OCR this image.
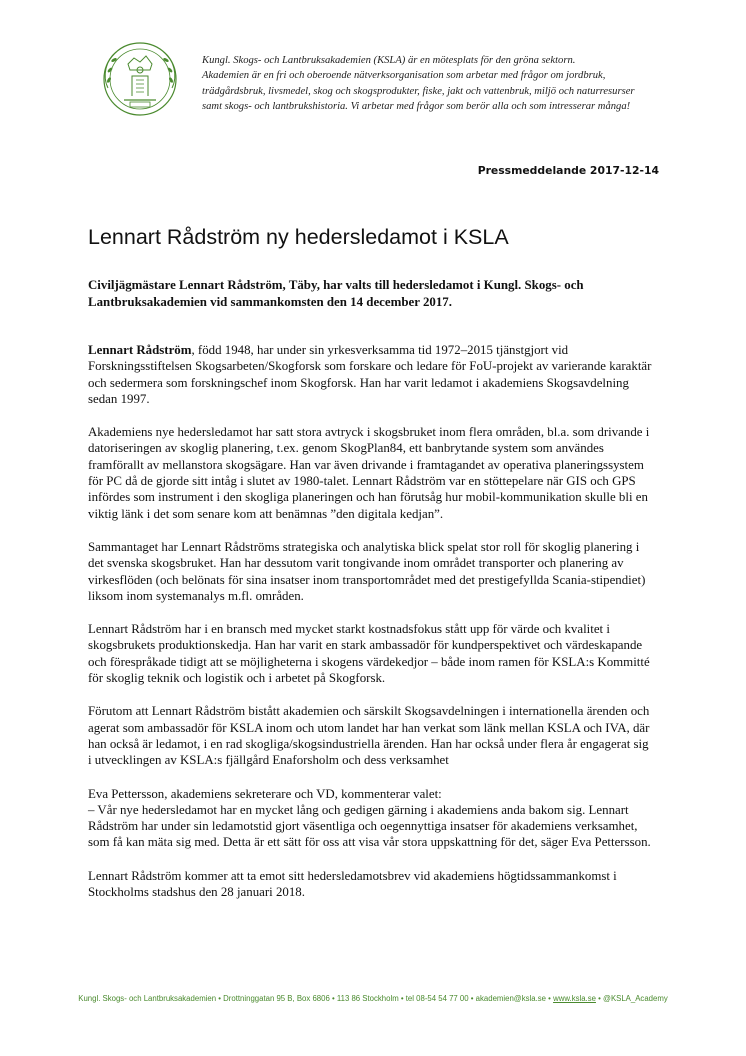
Kungl. Skogs- och Lantbruksakademien (KSLA) är en mötesplats för den gröna sektorn.
Akademien är en fri och oberoende nätverksorganisation som arbetar med frågor om jordbruk,
trädgårdsbruk, livsmedel, skog och skogsprodukter, fiske, jakt och vattenbruk, miljö och naturresurser
samt skogs- och lantbrukshistoria. Vi arbetar med frågor som berör alla och som intresserar många!
Pressmeddelande 2017-12-14
Lennart Rådström ny hedersledamot i KSLA
Civiljägmästare Lennart Rådström, Täby, har valts till hedersledamot i Kungl. Skogs- och Lantbruksakademien vid sammankomsten den 14 december 2017.

Lennart Rådström, född 1948, har under sin yrkesverksamma tid 1972–2015 tjänstgjort vid Forskningsstiftelsen Skogsarbeten/Skogforsk som forskare och ledare för FoU-projekt av varierande karaktär och sedermera som forskningschef inom Skogforsk. Han har varit ledamot i akademiens Skogsavdelning sedan 1997.

Akademiens nye hedersledamot har satt stora avtryck i skogsbruket inom flera områden, bl.a. som drivande i datoriseringen av skoglig planering, t.ex. genom SkogPlan84, ett banbrytande system som användes framförallt av mellanstora skogsägare. Han var även drivande i framtagandet av operativa planeringssystem för PC då de gjorde sitt intåg i slutet av 1980-talet. Lennart Rådström var en stöttepelare när GIS och GPS infördes som instrument i den skogliga planeringen och han förutsåg hur mobil-kommunikation skulle bli en viktig länk i det som senare kom att benämnas ”den digitala kedjan”.

Sammantaget har Lennart Rådströms strategiska och analytiska blick spelat stor roll för skoglig planering i det svenska skogsbruket. Han har dessutom varit tongivande inom området transporter och planering av virkesflöden (och belönats för sina insatser inom transportområdet med det prestigefyllda Scania-stipendiet) liksom inom systemanalys m.fl. områden.

Lennart Rådström har i en bransch med mycket starkt kostnadsfokus stått upp för värde och kvalitet i skogsbrukets produktionskedja. Han har varit en stark ambassadör för kundperspektivet och värdeskapande och förespråkade tidigt att se möjligheterna i skogens värdekedjor – både inom ramen för KSLA:s Kommitté för skoglig teknik och logistik och i arbetet på Skogforsk.

Förutom att Lennart Rådström bistått akademien och särskilt Skogsavdelningen i internationella ärenden och agerat som ambassadör för KSLA inom och utom landet har han verkat som länk mellan KSLA och IVA, där han också är ledamot, i en rad skogliga/skogsindustriella ärenden. Han har också under flera år engagerat sig i utvecklingen av KSLA:s fjällgård Enaforsholm och dess verksamhet

Eva Pettersson, akademiens sekreterare och VD, kommenterar valet:
– Vår nye hedersledamot har en mycket lång och gedigen gärning i akademiens anda bakom sig. Lennart Rådström har under sin ledamotstid gjort väsentliga och oegennyttiga insatser för akademiens verksamhet, som få kan mäta sig med. Detta är ett sätt för oss att visa vår stora uppskattning för det, säger Eva Pettersson.

Lennart Rådström kommer att ta emot sitt hedersledamotsbrev vid akademiens högtidssammankomst i Stockholms stadshus den 28 januari 2018.

Kungl. Skogs- och Lantbruksakademien • Drottninggatan 95 B, Box 6806 • 113 86 Stockholm • tel 08-54 54 77 00 • akademien@ksla.se • www.ksla.se • @KSLA_Academy
